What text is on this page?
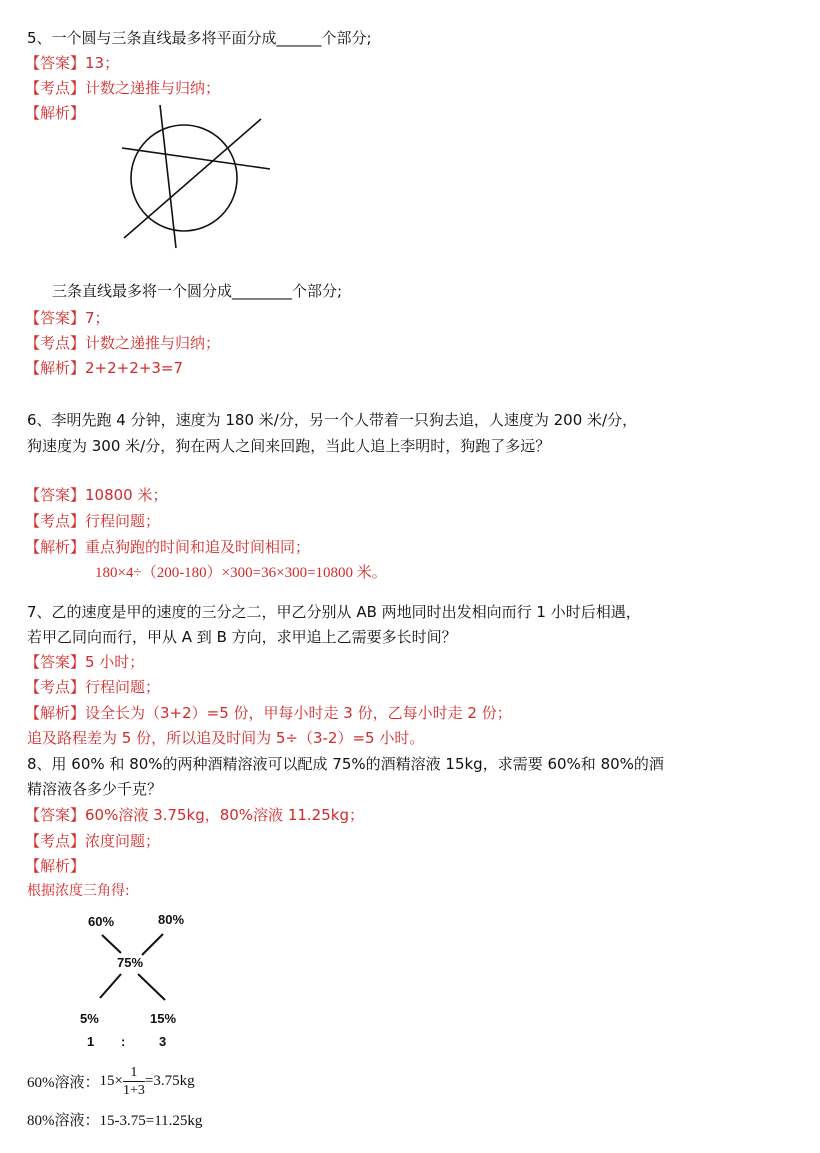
5、一个圆与三条直线最多将平面分成______个部分;
【答案】13；
【考点】计数之递推与归纳；
【解析】
三条直线最多将一个圆分成________个部分;
【答案】7；
【考点】计数之递推与归纳；
【解析】2+2+2+3=7
6、李明先跑 4 分钟，速度为 180 米/分，另一个人带着一只狗去追，人速度为 200 米/分，
狗速度为 300 米/分，狗在两人之间来回跑，当此人追上李明时，狗跑了多远？
【答案】10800 米；
【考点】行程问题；
【解析】重点狗跑的时间和追及时间相同；
180×4÷（200-180）×300=36×300=10800 米。
7、乙的速度是甲的速度的三分之二，甲乙分别从 AB 两地同时出发相向而行 1 小时后相遇，
若甲乙同向而行，甲从 A 到 B 方向，求甲追上乙需要多长时间？
【答案】5 小时；
【考点】行程问题；
【解析】设全长为（3+2）=5 份，甲每小时走 3 份，乙每小时走 2 份；
追及路程差为 5 份，所以追及时间为 5÷（3-2）=5 小时。
8、用 60% 和 80%的两种酒精溶液可以配成 75%的酒精溶液 15kg，求需要 60%和 80%的酒
精溶液各多少千克？
【答案】60%溶液 3.75kg，80%溶液 11.25kg；
【考点】浓度问题；
【解析】
根据浓度三角得:
60%	80%
75%
5%	15%
1 :	3
60%溶液：$15\times \frac{1}{1+3} =3.75kg$
80%溶液：15-3.75=11.25kg
